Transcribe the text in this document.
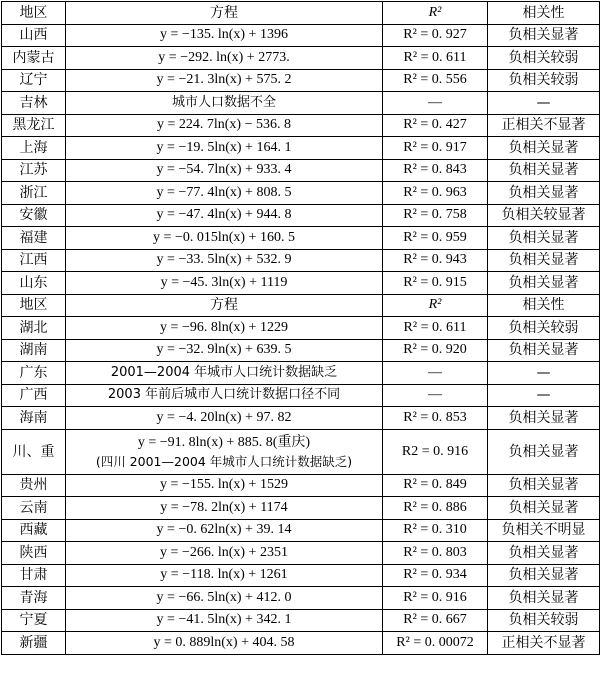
地区	方程	R²	相关性
山西	y = −135. ln(x) + 1396	R² = 0. 927	负相关显著
内蒙古	y = −292. ln(x) + 2773.	R² = 0. 611	负相关较弱
辽宁	y = −21. 3ln(x) + 575. 2	R² = 0. 556	负相关较弱
吉林	城市人口数据不全	—	—
黑龙江	y = 224. 7ln(x) − 536. 8	R² = 0. 427	正相关不显著
上海	y = −19. 5ln(x) + 164. 1	R² = 0. 917	负相关显著
江苏	y = −54. 7ln(x) + 933. 4	R² = 0. 843	负相关显著
浙江	y = −77. 4ln(x) + 808. 5	R² = 0. 963	负相关显著
安徽	y = −47. 4ln(x) + 944. 8	R² = 0. 758	负相关较显著
福建	y = −0. 015ln(x) + 160. 5	R² = 0. 959	负相关显著
江西	y = −33. 5ln(x) + 532. 9	R² = 0. 943	负相关显著
山东	y = −45. 3ln(x) + 1119	R² = 0. 915	负相关显著
地区	方程	R²	相关性
湖北	y = −96. 8ln(x) + 1229	R² = 0. 611	负相关较弱
湖南	y = −32. 9ln(x) + 639. 5	R² = 0. 920	负相关显著
广东	2001—2004 年城市人口统计数据缺乏	—	—
广西	2003 年前后城市人口统计数据口径不同	—	—
海南	y = −4. 20ln(x) + 97. 82	R² = 0. 853	负相关显著
川、重	y = −91. 8ln(x) + 885. 8(重庆)
(四川 2001—2004 年城市人口统计数据缺乏)	R2 = 0. 916	负相关显著
贵州	y = −155. ln(x) + 1529	R² = 0. 849	负相关显著
云南	y = −78. 2ln(x) + 1174	R² = 0. 886	负相关显著
西藏	y = −0. 62ln(x) + 39. 14	R² = 0. 310	负相关不明显
陕西	y = −266. ln(x) + 2351	R² = 0. 803	负相关显著
甘肃	y = −118. ln(x) + 1261	R² = 0. 934	负相关显著
青海	y = −66. 5ln(x) + 412. 0	R² = 0. 916	负相关显著
宁夏	y = −41. 5ln(x) + 342. 1	R² = 0. 667	负相关较弱
新疆	y = 0. 889ln(x) + 404. 58	R² = 0. 00072	正相关不显著
